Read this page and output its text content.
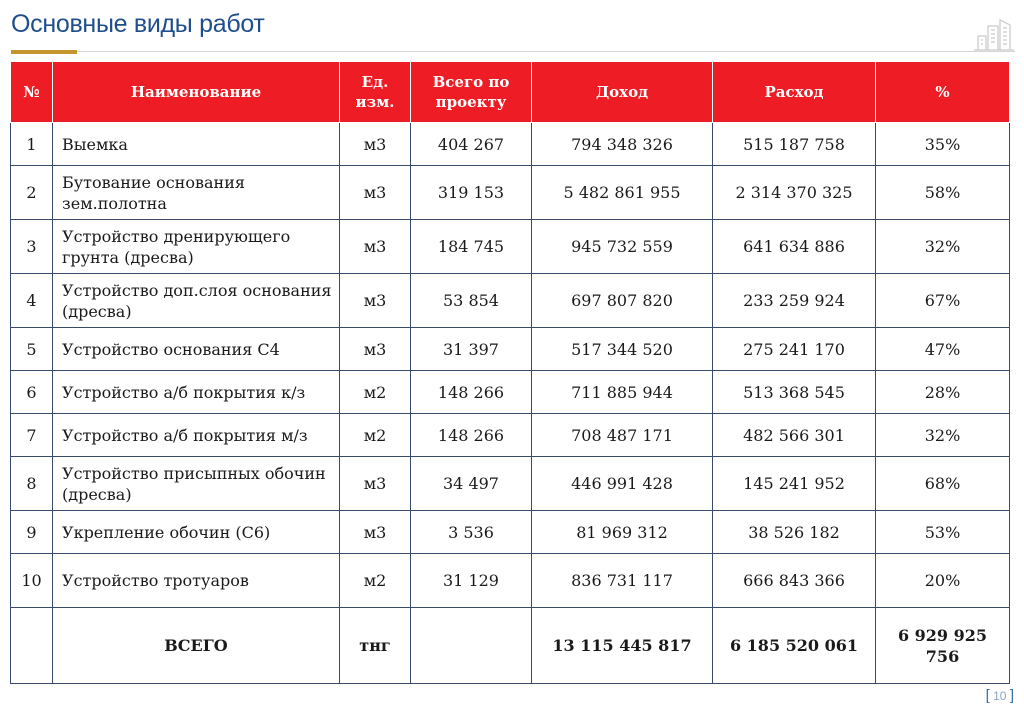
Основные виды работ
№	Наименование	Ед. изм.	Всего по проекту	Доход	Расход	%
1	Выемка	м3	404 267	794 348 326	515 187 758	35%
2	Бутование основания зем.полотна	м3	319 153	5 482 861 955	2 314 370 325	58%
3	Устройство дренирующего грунта (дресва)	м3	184 745	945 732 559	641 634 886	32%
4	Устройство доп.слоя основания (дресва)	м3	53 854	697 807 820	233 259 924	67%
5	Устройство основания С4	м3	31 397	517 344 520	275 241 170	47%
6	Устройство а/б покрытия к/з	м2	148 266	711 885 944	513 368 545	28%
7	Устройство а/б покрытия м/з	м2	148 266	708 487 171	482 566 301	32%
8	Устройство присыпных обочин (дресва)	м3	34 497	446 991 428	145 241 952	68%
9	Укрепление обочин (С6)	м3	3 536	81 969 312	38 526 182	53%
10	Устройство тротуаров	м2	31 129	836 731 117	666 843 366	20%
	ВСЕГО	тнг		13 115 445 817	6 185 520 061	6 929 925 756
[ 10 ]
